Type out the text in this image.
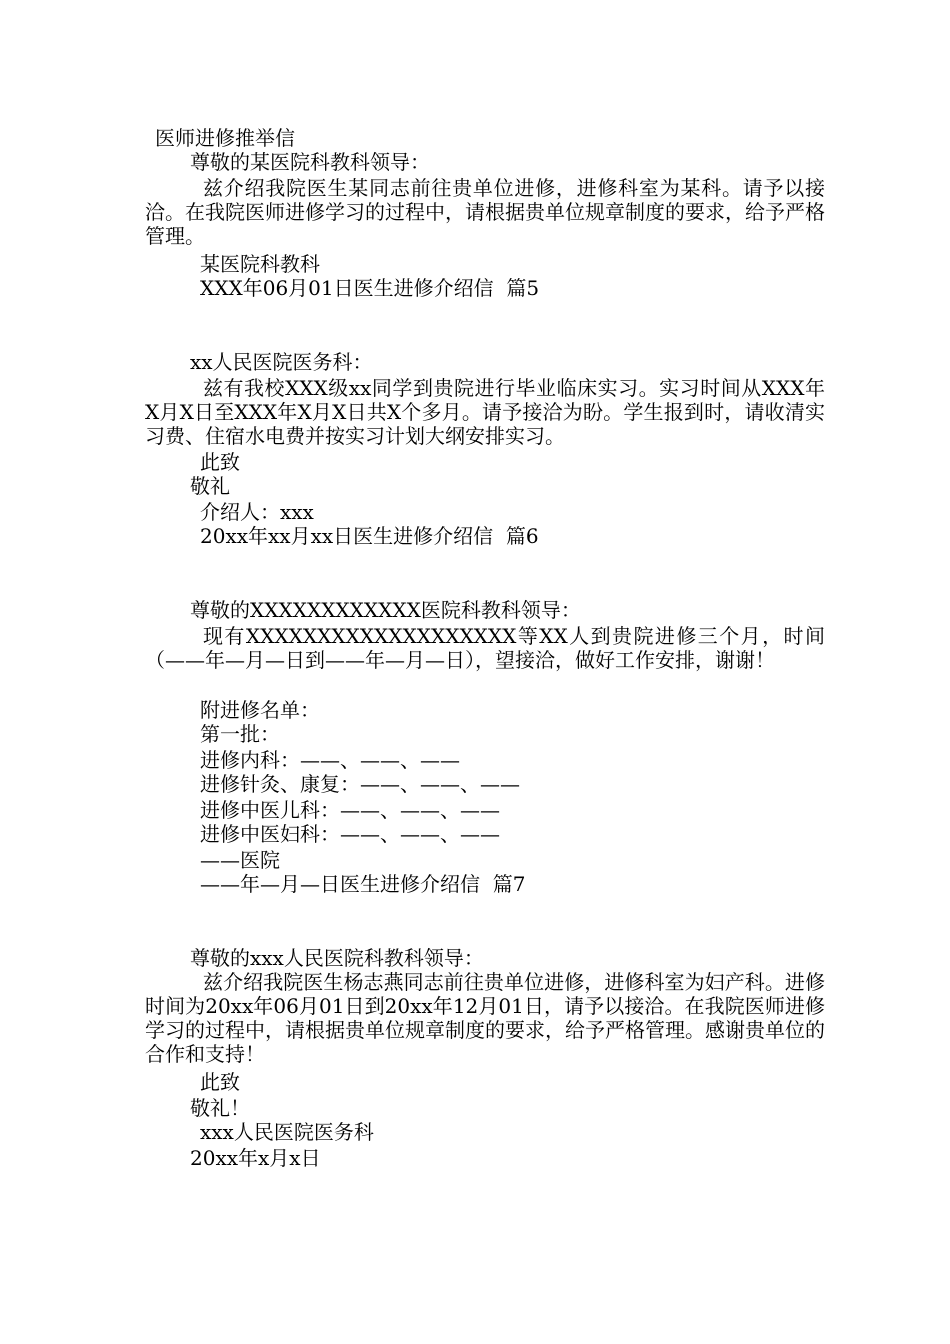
医师进修推举信
尊敬的某医院科教科领导：
兹介绍我院医生某同志前往贵单位进修，进修科室为某科。请予以接洽。在我院医师进修学习的过程中，请根据贵单位规章制度的要求，给予严格管理。
某医院科教科
XXX年06月01日医生进修介绍信  篇5
xx人民医院医务科：
兹有我校XXX级xx同学到贵院进行毕业临床实习。实习时间从XXX年X月X日至XXX年X月X日共X个多月。请予接洽为盼。学生报到时，请收清实习费、住宿水电费并按实习计划大纲安排实习。
此致
敬礼
介绍人：xxx
20xx年xx月xx日医生进修介绍信  篇6
尊敬的XXXXXXXXXXXX医院科教科领导：
现有XXXXXXXXXXXXXXXXXXX等XX人到贵院进修三个月，时间（——年—月—日到——年—月—日），望接洽，做好工作安排，谢谢！
附进修名单：
第一批：
进修内科：——、——、——
进修针灸、康复：——、——、——
进修中医儿科：——、——、——
进修中医妇科：——、——、——
——医院
——年—月—日医生进修介绍信  篇7
尊敬的xxx人民医院科教科领导：
兹介绍我院医生杨志燕同志前往贵单位进修，进修科室为妇产科。进修时间为20xx年06月01日到20xx年12月01日，请予以接洽。在我院医师进修学习的过程中，请根据贵单位规章制度的要求，给予严格管理。感谢贵单位的合作和支持！
此致
敬礼！
xxx人民医院医务科
20xx年x月x日
